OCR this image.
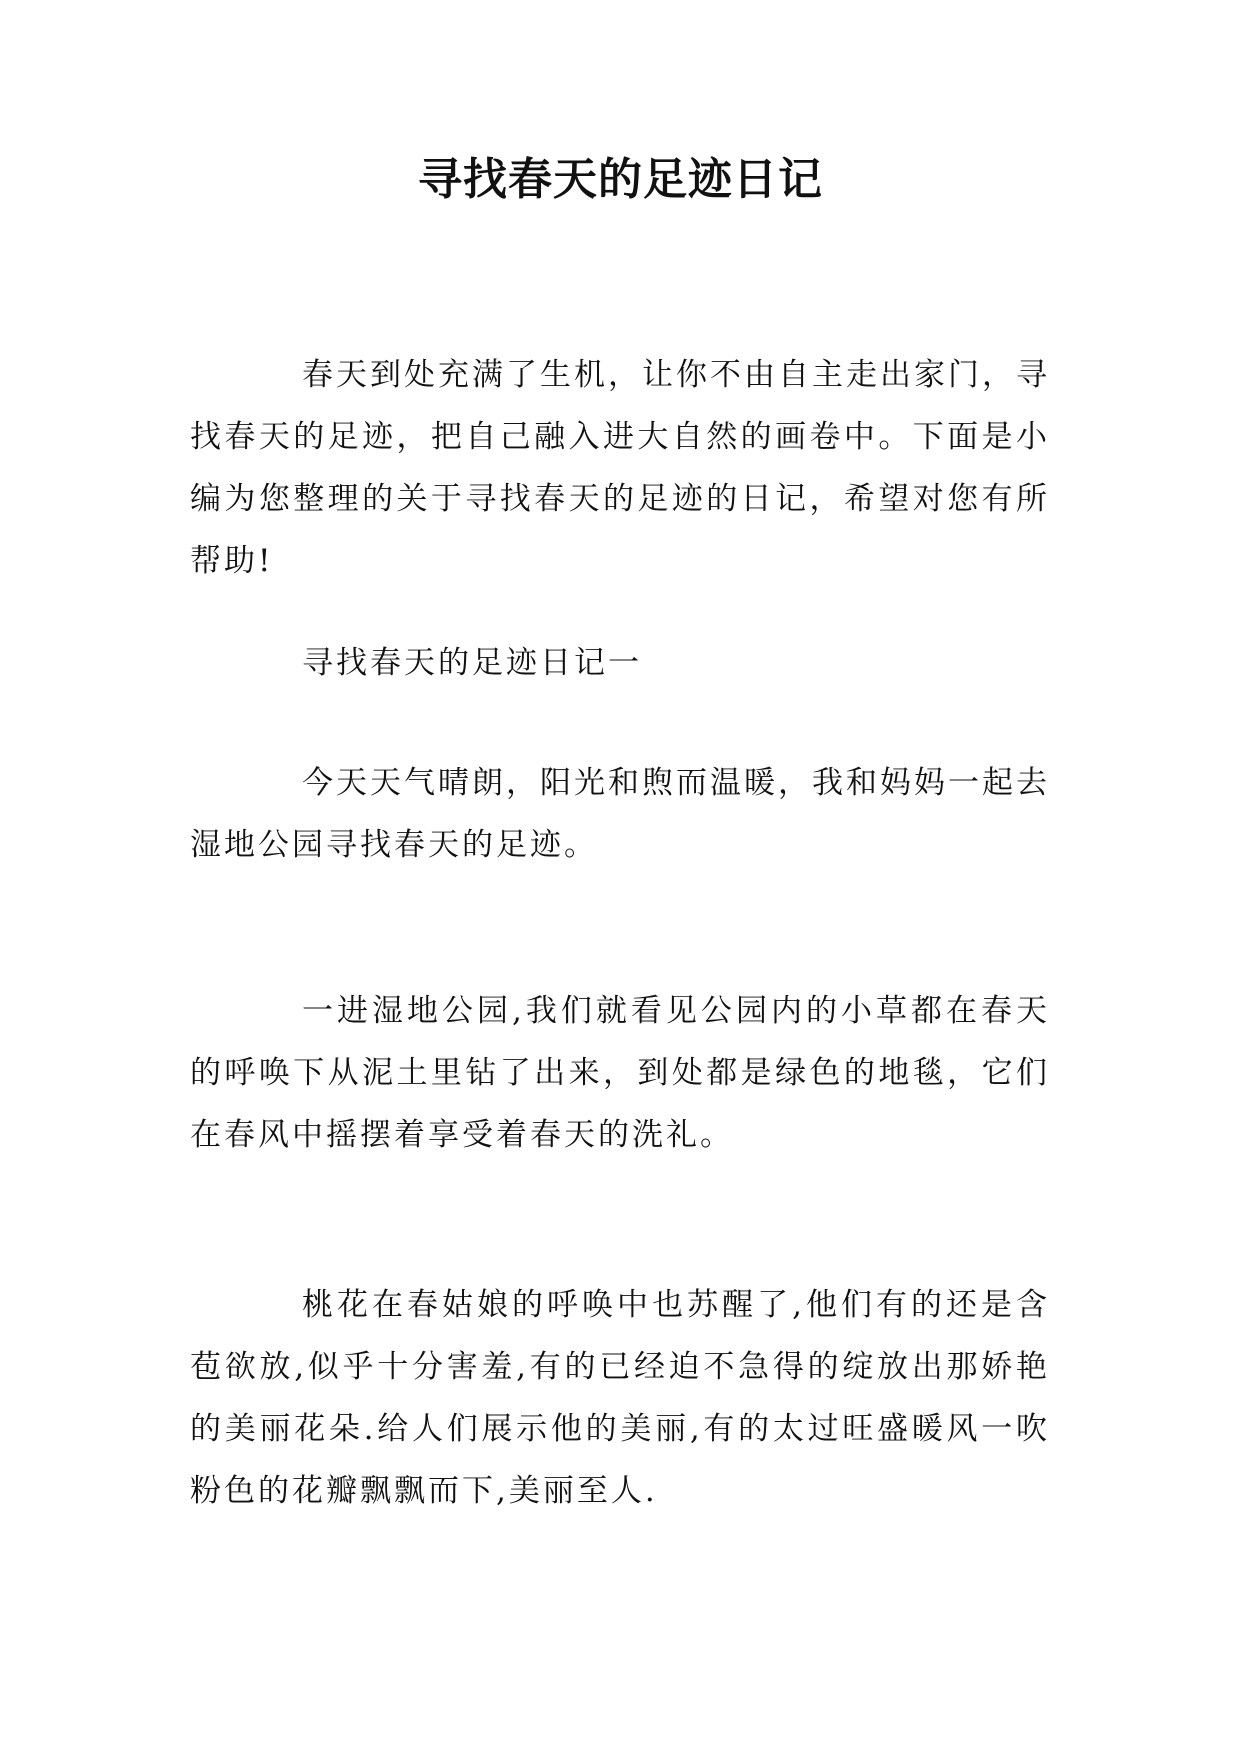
寻找春天的足迹日记

春天到处充满了生机，让你不由自主走出家门，寻找春天的足迹，把自己融入进大自然的画卷中。下面是小编为您整理的关于寻找春天的足迹的日记，希望对您有所帮助!

寻找春天的足迹日记一

今天天气晴朗，阳光和煦而温暖，我和妈妈一起去湿地公园寻找春天的足迹。

一进湿地公园,我们就看见公园内的小草都在春天的呼唤下从泥土里钻了出来，到处都是绿色的地毯，它们在春风中摇摆着享受着春天的洗礼。

桃花在春姑娘的呼唤中也苏醒了,他们有的还是含苞欲放,似乎十分害羞,有的已经迫不急得的绽放出那娇艳的美丽花朵.给人们展示他的美丽,有的太过旺盛暖风一吹粉色的花瓣飘飘而下,美丽至人.
